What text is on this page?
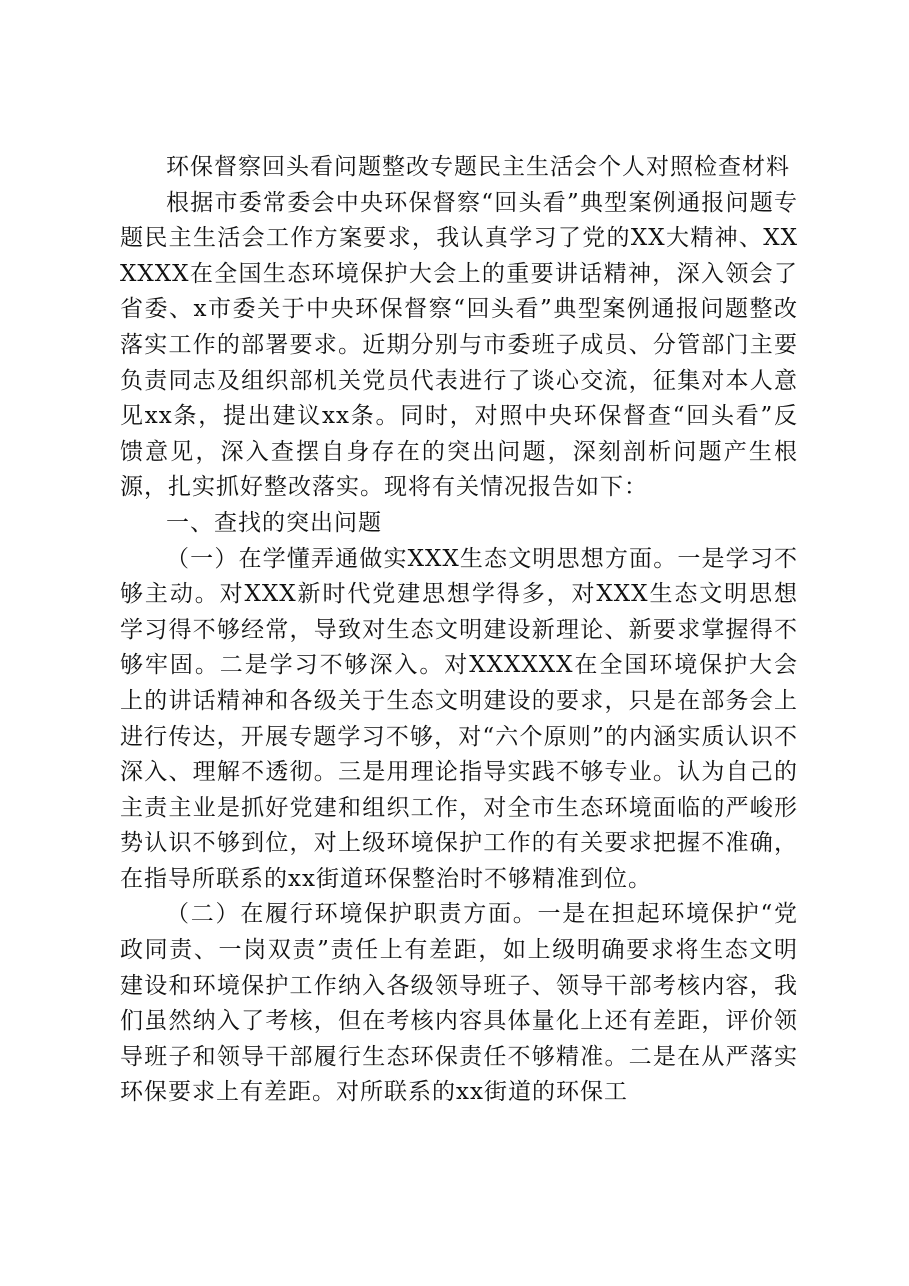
环保督察回头看问题整改专题民主生活会个人对照检查材料

根据市委常委会中央环保督察“回头看”典型案例通报问题专题民主生活会工作方案要求，我认真学习了党的XX大精神、XXXXXX在全国生态环境保护大会上的重要讲话精神，深入领会了省委、x市委关于中央环保督察“回头看”典型案例通报问题整改落实工作的部署要求。近期分别与市委班子成员、分管部门主要负责同志及组织部机关党员代表进行了谈心交流，征集对本人意见xx条，提出建议xx条。同时，对照中央环保督查“回头看”反馈意见，深入查摆自身存在的突出问题，深刻剖析问题产生根源，扎实抓好整改落实。现将有关情况报告如下：

一、查找的突出问题

（一）在学懂弄通做实XXX生态文明思想方面。一是学习不够主动。对XXX新时代党建思想学得多，对XXX生态文明思想学习得不够经常，导致对生态文明建设新理论、新要求掌握得不够牢固。二是学习不够深入。对XXXXXX在全国环境保护大会上的讲话精神和各级关于生态文明建设的要求，只是在部务会上进行传达，开展专题学习不够，对“六个原则”的内涵实质认识不深入、理解不透彻。三是用理论指导实践不够专业。认为自己的主责主业是抓好党建和组织工作，对全市生态环境面临的严峻形势认识不够到位，对上级环境保护工作的有关要求把握不准确，在指导所联系的xx街道环保整治时不够精准到位。

（二）在履行环境保护职责方面。一是在担起环境保护“党政同责、一岗双责”责任上有差距，如上级明确要求将生态文明建设和环境保护工作纳入各级领导班子、领导干部考核内容，我们虽然纳入了考核，但在考核内容具体量化上还有差距，评价领导班子和领导干部履行生态环保责任不够精准。二是在从严落实环保要求上有差距。对所联系的xx街道的环保工
